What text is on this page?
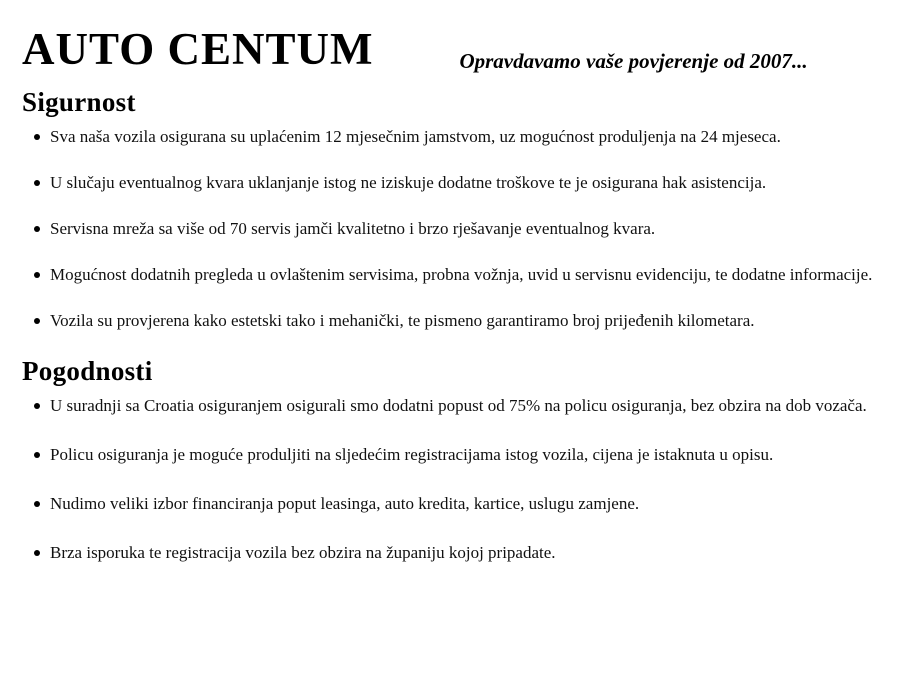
AUTO CENTUM	Opravdavamo vaše povjerenje od 2007...
Sigurnost
Sva naša vozila osigurana su uplaćenim 12 mjesečnim jamstvom, uz mogućnost produljenja na 24 mjeseca.
U slučaju eventualnog kvara uklanjanje istog ne iziskuje dodatne troškove te je osigurana hak asistencija.
Servisna mreža sa više od 70 servis jamči kvalitetno i brzo rješavanje eventualnog kvara.
Mogućnost dodatnih pregleda u ovlaštenim servisima, probna vožnja, uvid u servisnu evidenciju, te dodatne informacije.
Vozila su provjerena kako estetski tako i mehanički, te pismeno garantiramo broj prijeđenih kilometara.
Pogodnosti
U suradnji sa Croatia osiguranjem osigurali smo dodatni popust od 75% na policu osiguranja, bez obzira na dob vozača.
Policu osiguranja je moguće produljiti na sljedećim registracijama istog vozila, cijena je istaknuta u opisu.
Nudimo veliki izbor financiranja poput leasinga, auto kredita, kartice, uslugu zamjene.
Brza isporuka te registracija vozila bez obzira na županiju kojoj pripadate.
